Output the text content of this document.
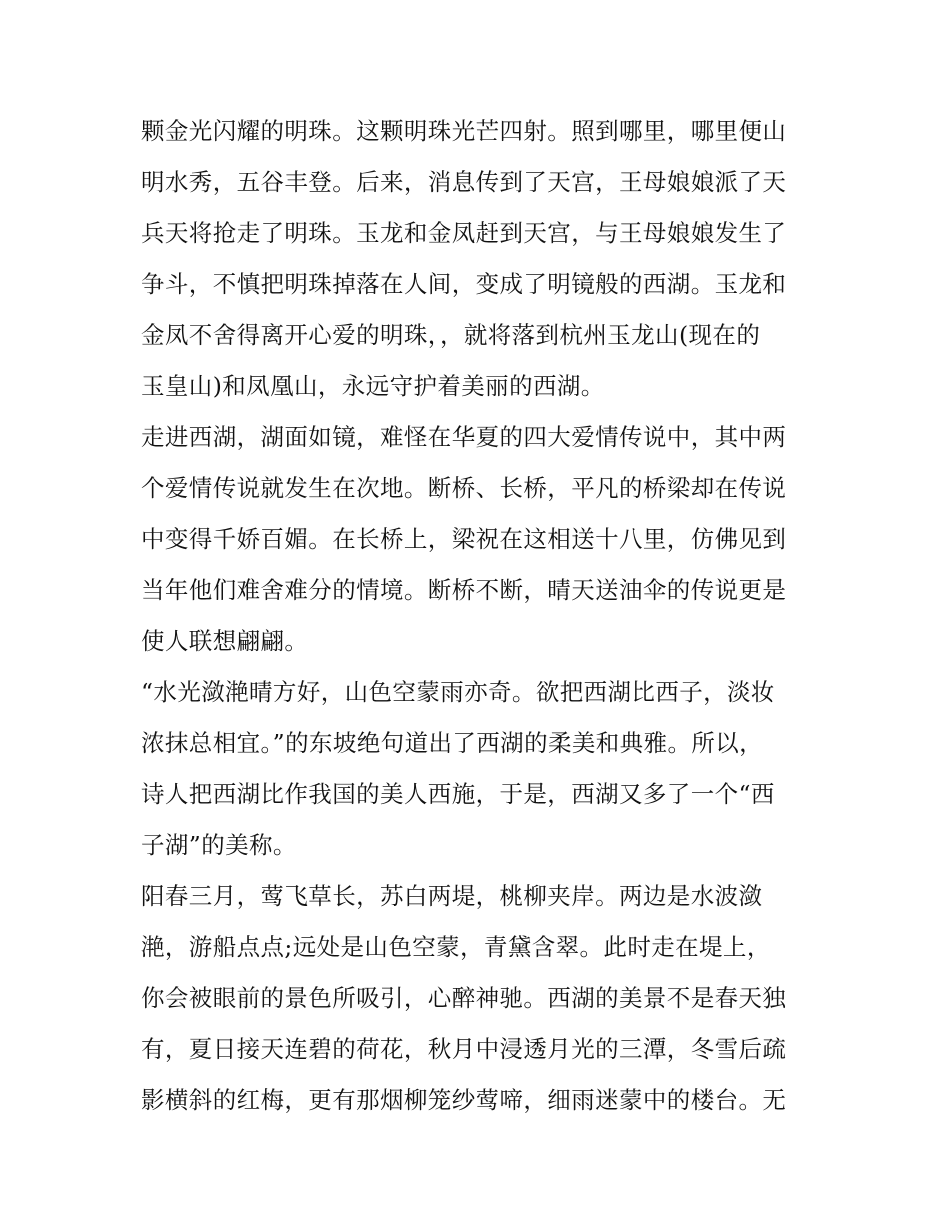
颗金光闪耀的明珠。这颗明珠光芒四射。照到哪里，哪里便山
明水秀，五谷丰登。后来，消息传到了天宫，王母娘娘派了天
兵天将抢走了明珠。玉龙和金凤赶到天宫，与王母娘娘发生了
争斗，不慎把明珠掉落在人间，变成了明镜般的西湖。玉龙和
金凤不舍得离开心爱的明珠，，就将落到杭州玉龙山(现在的
玉皇山)和凤凰山，永远守护着美丽的西湖。
走进西湖，湖面如镜，难怪在华夏的四大爱情传说中，其中两
个爱情传说就发生在次地。断桥、长桥，平凡的桥梁却在传说
中变得千娇百媚。在长桥上，梁祝在这相送十八里，仿佛见到
当年他们难舍难分的情境。断桥不断，晴天送油伞的传说更是
使人联想翩翩。
“水光潋滟晴方好，山色空蒙雨亦奇。欲把西湖比西子，淡妆
浓抹总相宜。”的东坡绝句道出了西湖的柔美和典雅。所以，
诗人把西湖比作我国的美人西施，于是，西湖又多了一个“西
子湖”的美称。
阳春三月，莺飞草长，苏白两堤，桃柳夹岸。两边是水波潋
滟，游船点点;远处是山色空蒙，青黛含翠。此时走在堤上，
你会被眼前的景色所吸引，心醉神驰。西湖的美景不是春天独
有，夏日接天连碧的荷花，秋月中浸透月光的三潭，冬雪后疏
影横斜的红梅，更有那烟柳笼纱莺啼，细雨迷蒙中的楼台。无
